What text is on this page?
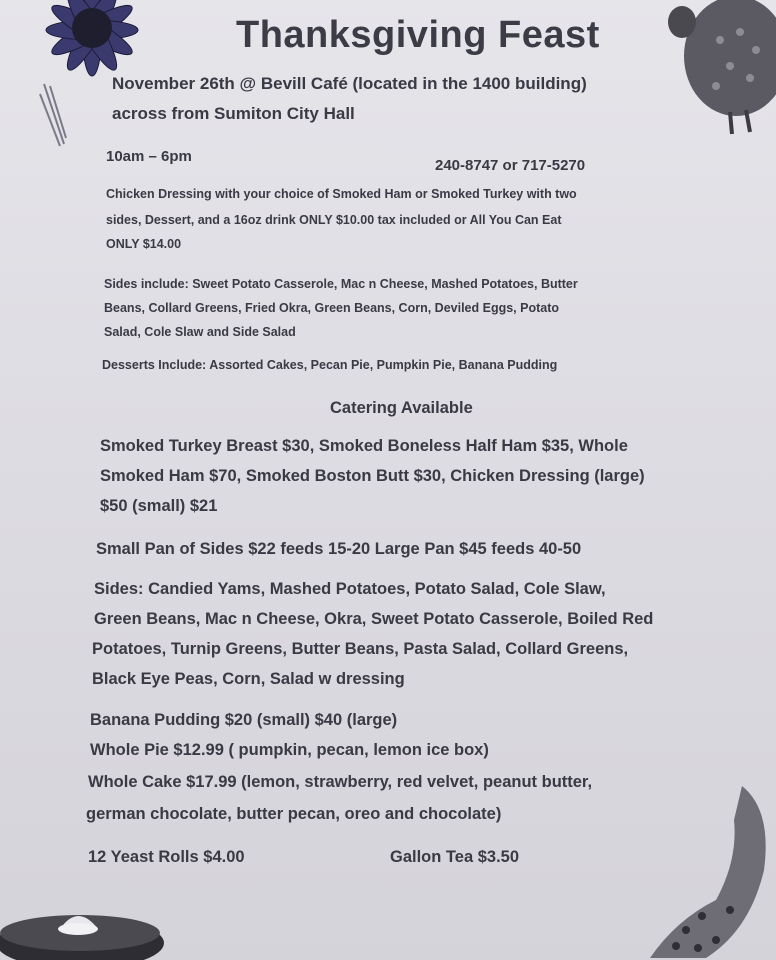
Thanksgiving Feast
November 26th @ Bevill Café (located in the 1400 building)
across from Sumiton City Hall
10am – 6pm
240-8747 or 717-5270
Chicken Dressing with your choice of Smoked Ham or Smoked Turkey with two
sides, Dessert, and a 16oz drink ONLY $10.00 tax included or All You Can Eat
ONLY $14.00
Sides include: Sweet Potato Casserole, Mac n Cheese, Mashed Potatoes, Butter
Beans, Collard Greens, Fried Okra, Green Beans, Corn, Deviled Eggs, Potato
Salad, Cole Slaw and Side Salad
Desserts Include: Assorted Cakes, Pecan Pie, Pumpkin Pie, Banana Pudding
Catering Available
Smoked Turkey Breast $30, Smoked Boneless Half Ham $35, Whole
Smoked Ham $70, Smoked Boston Butt $30, Chicken Dressing (large)
$50 (small) $21
Small Pan of Sides $22 feeds 15-20 Large Pan $45 feeds 40-50
Sides: Candied Yams, Mashed Potatoes, Potato Salad, Cole Slaw,
Green Beans, Mac n Cheese, Okra, Sweet Potato Casserole, Boiled Red
Potatoes, Turnip Greens, Butter Beans, Pasta Salad, Collard Greens,
Black Eye Peas, Corn, Salad w dressing
Banana Pudding $20 (small) $40 (large)
Whole Pie $12.99 ( pumpkin, pecan, lemon ice box)
Whole Cake $17.99 (lemon, strawberry, red velvet, peanut butter,
german chocolate, butter pecan, oreo and chocolate)
12 Yeast Rolls $4.00	Gallon Tea $3.50
